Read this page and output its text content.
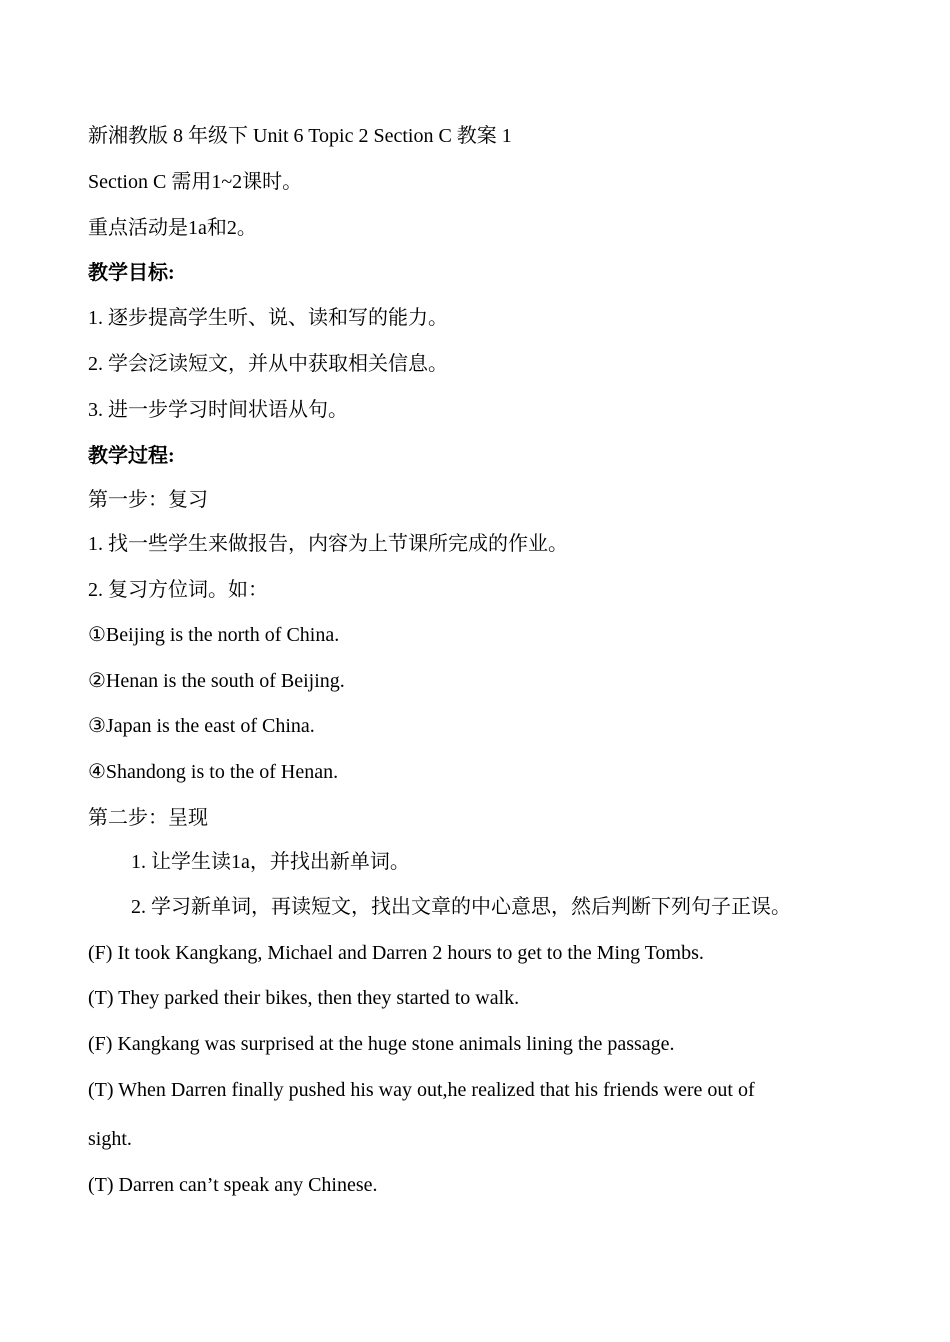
新湘教版 8 年级下 Unit 6 Topic 2 Section C 教案 1

Section C 需用1~2课时。

重点活动是1a和2。

教学目标:

1. 逐步提高学生听、说、读和写的能力。

2. 学会泛读短文，并从中获取相关信息。

3. 进一步学习时间状语从句。

教学过程:

第一步：复习

1. 找一些学生来做报告，内容为上节课所完成的作业。

2. 复习方位词。如：

①Beijing is the north of China.

②Henan is the south of Beijing.

③Japan is the east of China.

④Shandong is to the of Henan.

第二步：呈现

1. 让学生读1a，并找出新单词。

2. 学习新单词，再读短文，找出文章的中心意思，然后判断下列句子正误。

(F) It took Kangkang, Michael and Darren 2 hours to get to the Ming Tombs.

(T) They parked their bikes, then they started to walk.

(F) Kangkang was surprised at the huge stone animals lining the passage.

(T) When Darren finally pushed his way out,he realized that his friends were out of

sight.

(T) Darren can’t speak any Chinese.
